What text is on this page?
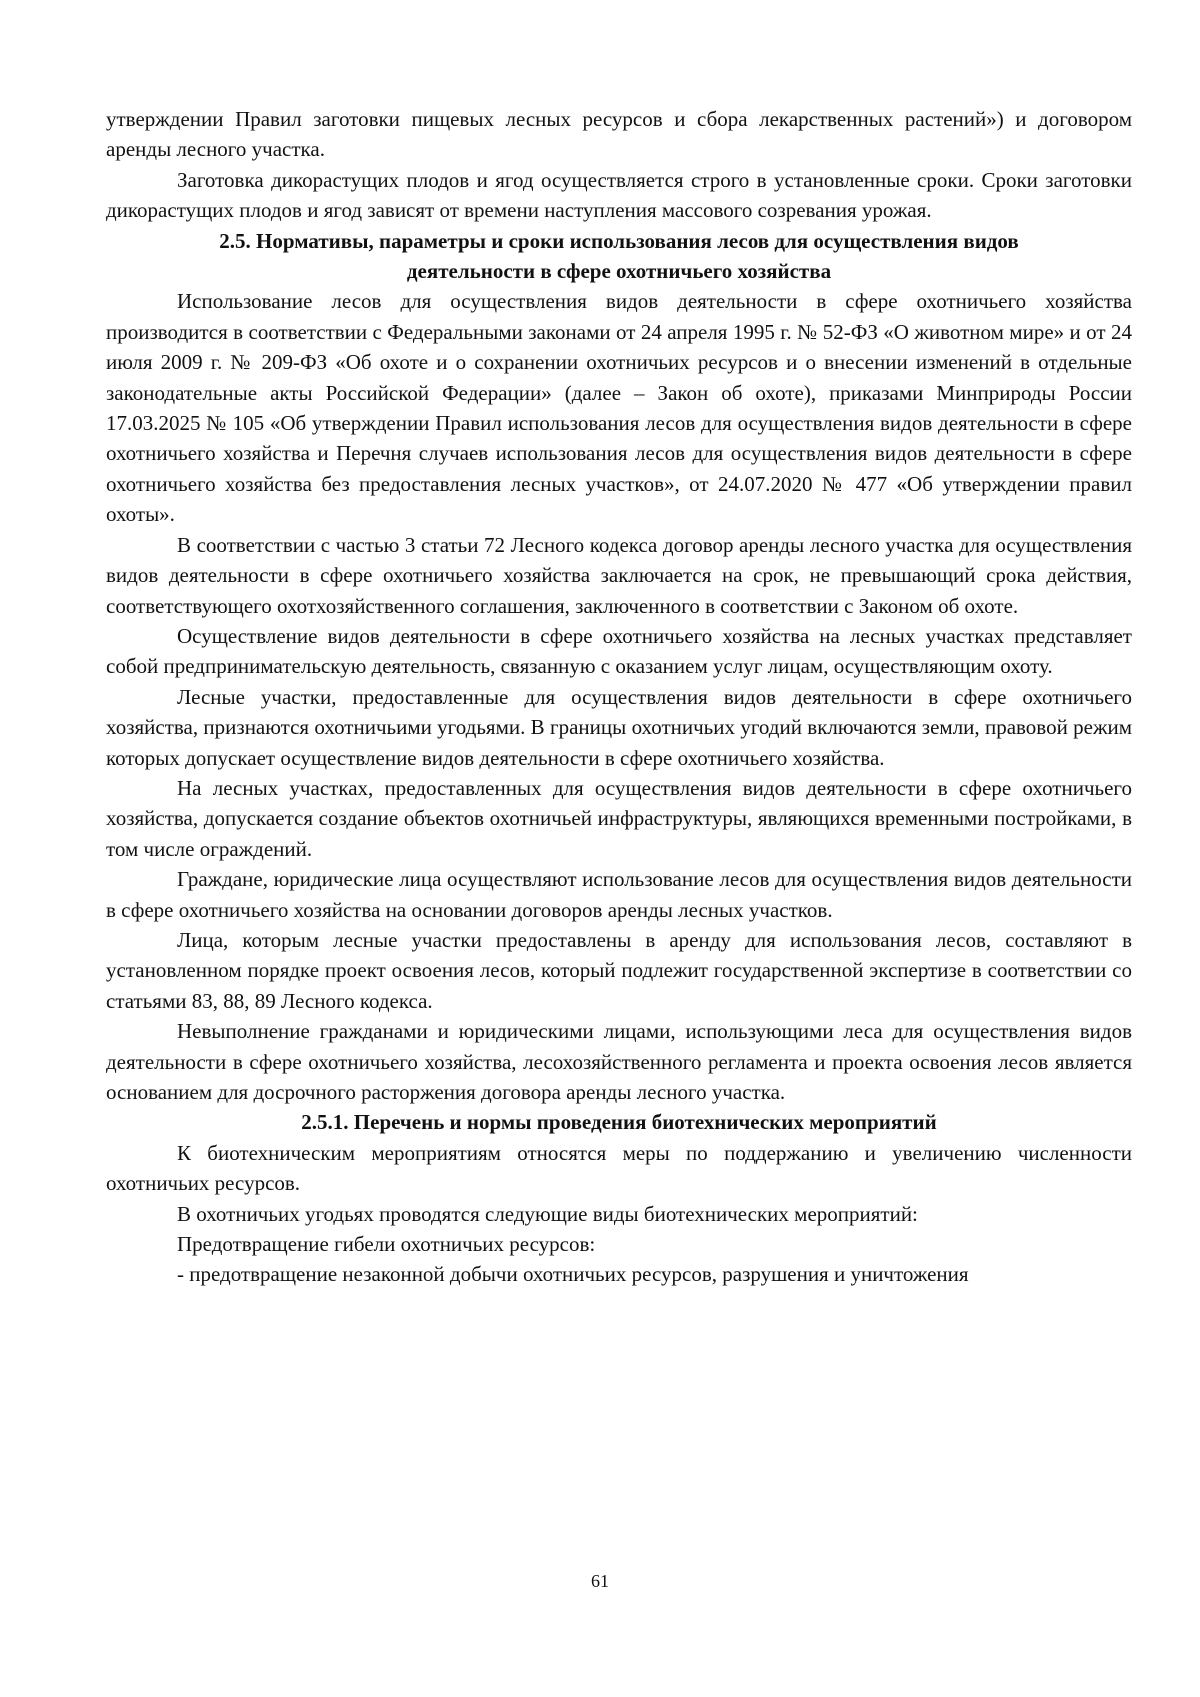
утверждении Правил заготовки пищевых лесных ресурсов и сбора лекарственных растений») и договором аренды лесного участка.

Заготовка дикорастущих плодов и ягод осуществляется строго в установленные сроки. Сроки заготовки дикорастущих плодов и ягод зависят от времени наступления массового созревания урожая.

2.5. Нормативы, параметры и сроки использования лесов для осуществления видов
деятельности в сфере охотничьего хозяйства

Использование лесов для осуществления видов деятельности в сфере охотничьего хозяйства производится в соответствии с Федеральными законами от 24 апреля 1995 г. № 52-ФЗ «О животном мире» и от 24 июля 2009 г. № 209-ФЗ «Об охоте и о сохранении охотничьих ресурсов и о внесении изменений в отдельные законодательные акты Российской Федерации» (далее – Закон об охоте), приказами Минприроды России 17.03.2025 № 105 «Об утверждении Правил использования лесов для осуществления видов деятельности в сфере охотничьего хозяйства и Перечня случаев использования лесов для осуществления видов деятельности в сфере охотничьего хозяйства без предоставления лесных участков», от 24.07.2020 № 477 «Об утверждении правил охоты».

В соответствии с частью 3 статьи 72 Лесного кодекса договор аренды лесного участка для осуществления видов деятельности в сфере охотничьего хозяйства заключается на срок, не превышающий срока действия, соответствующего охотхозяйственного соглашения, заключенного в соответствии с Законом об охоте.

Осуществление видов деятельности в сфере охотничьего хозяйства на лесных участках представляет собой предпринимательскую деятельность, связанную с оказанием услуг лицам, осуществляющим охоту.

Лесные участки, предоставленные для осуществления видов деятельности в сфере охотничьего хозяйства, признаются охотничьими угодьями. В границы охотничьих угодий включаются земли, правовой режим которых допускает осуществление видов деятельности в сфере охотничьего хозяйства.

На лесных участках, предоставленных для осуществления видов деятельности в сфере охотничьего хозяйства, допускается создание объектов охотничьей инфраструктуры, являющихся временными постройками, в том числе ограждений.

Граждане, юридические лица осуществляют использование лесов для осуществления видов деятельности в сфере охотничьего хозяйства на основании договоров аренды лесных участков.

Лица, которым лесные участки предоставлены в аренду для использования лесов, составляют в установленном порядке проект освоения лесов, который подлежит государственной экспертизе в соответствии со статьями 83, 88, 89 Лесного кодекса.

Невыполнение гражданами и юридическими лицами, использующими леса для осуществления видов деятельности в сфере охотничьего хозяйства, лесохозяйственного регламента и проекта освоения лесов является основанием для досрочного расторжения договора аренды лесного участка.

2.5.1. Перечень и нормы проведения биотехнических мероприятий

К биотехническим мероприятиям относятся меры по поддержанию и увеличению численности охотничьих ресурсов.

В охотничьих угодьях проводятся следующие виды биотехнических мероприятий:

Предотвращение гибели охотничьих ресурсов:

- предотвращение незаконной добычи охотничьих ресурсов, разрушения и уничтожения

61
